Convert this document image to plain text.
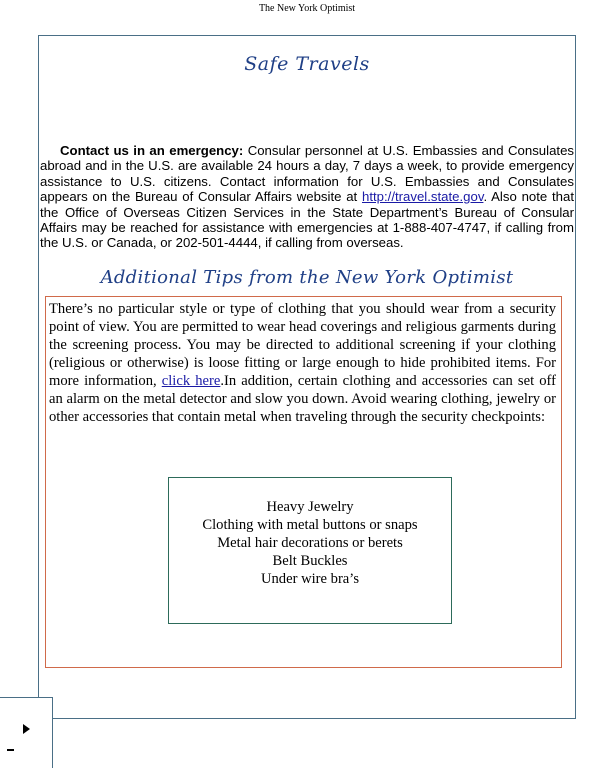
The New York Optimist
Safe Travels
Contact us in an emergency: Consular personnel at U.S. Embassies and Consulates abroad and in the U.S. are available 24 hours a day, 7 days a week, to provide emergency assistance to U.S. citizens. Contact information for U.S. Embassies and Consulates appears on the Bureau of Consular Affairs website at http://travel.state.gov. Also note that the Office of Overseas Citizen Services in the State Department’s Bureau of Consular Affairs may be reached for assistance with emergencies at 1-888-407-4747, if calling from the U.S. or Canada, or 202-501-4444, if calling from overseas.
Additional Tips from the New York Optimist
There’s no particular style or type of clothing that you should wear from a security point of view. You are permitted to wear head coverings and religious garments during the screening process. You may be directed to additional screening if your clothing (religious or otherwise) is loose fitting or large enough to hide prohibited items. For more information, click here.In addition, certain clothing and accessories can set off an alarm on the metal detector and slow you down. Avoid wearing clothing, jewelry or other accessories that contain metal when traveling through the security checkpoints:
Heavy Jewelry
Clothing with metal buttons or snaps
Metal hair decorations or berets
Belt Buckles
Under wire bra’s
